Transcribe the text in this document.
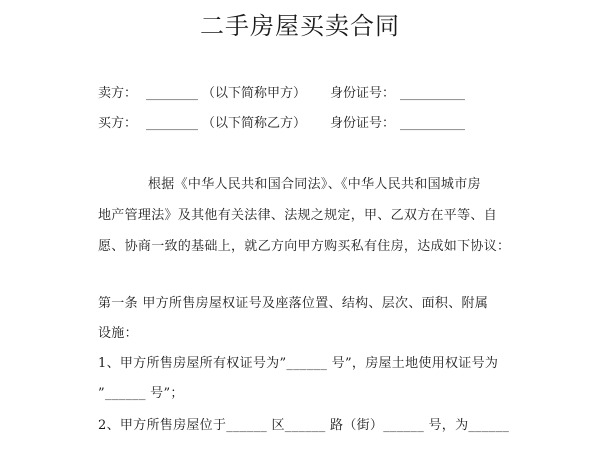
二手房屋买卖合同
卖方： ________ （以下简称甲方） 身份证号： __________
买方： ________ （以下简称乙方） 身份证号： __________
根据《中华人民共和国合同法》、《中华人民共和国城市房
地产管理法》及其他有关法律、法规之规定，甲、乙双方在平等、自
愿、协商一致的基础上，就乙方向甲方购买私有住房，达成如下协议：
第一条 甲方所售房屋权证号及座落位置、结构、层次、面积、附属
设施：
1、甲方所售房屋所有权证号为”______ 号”，房屋土地使用权证号为
”______ 号”；
2、甲方所售房屋位于______ 区______ 路（街）______ 号，为______
